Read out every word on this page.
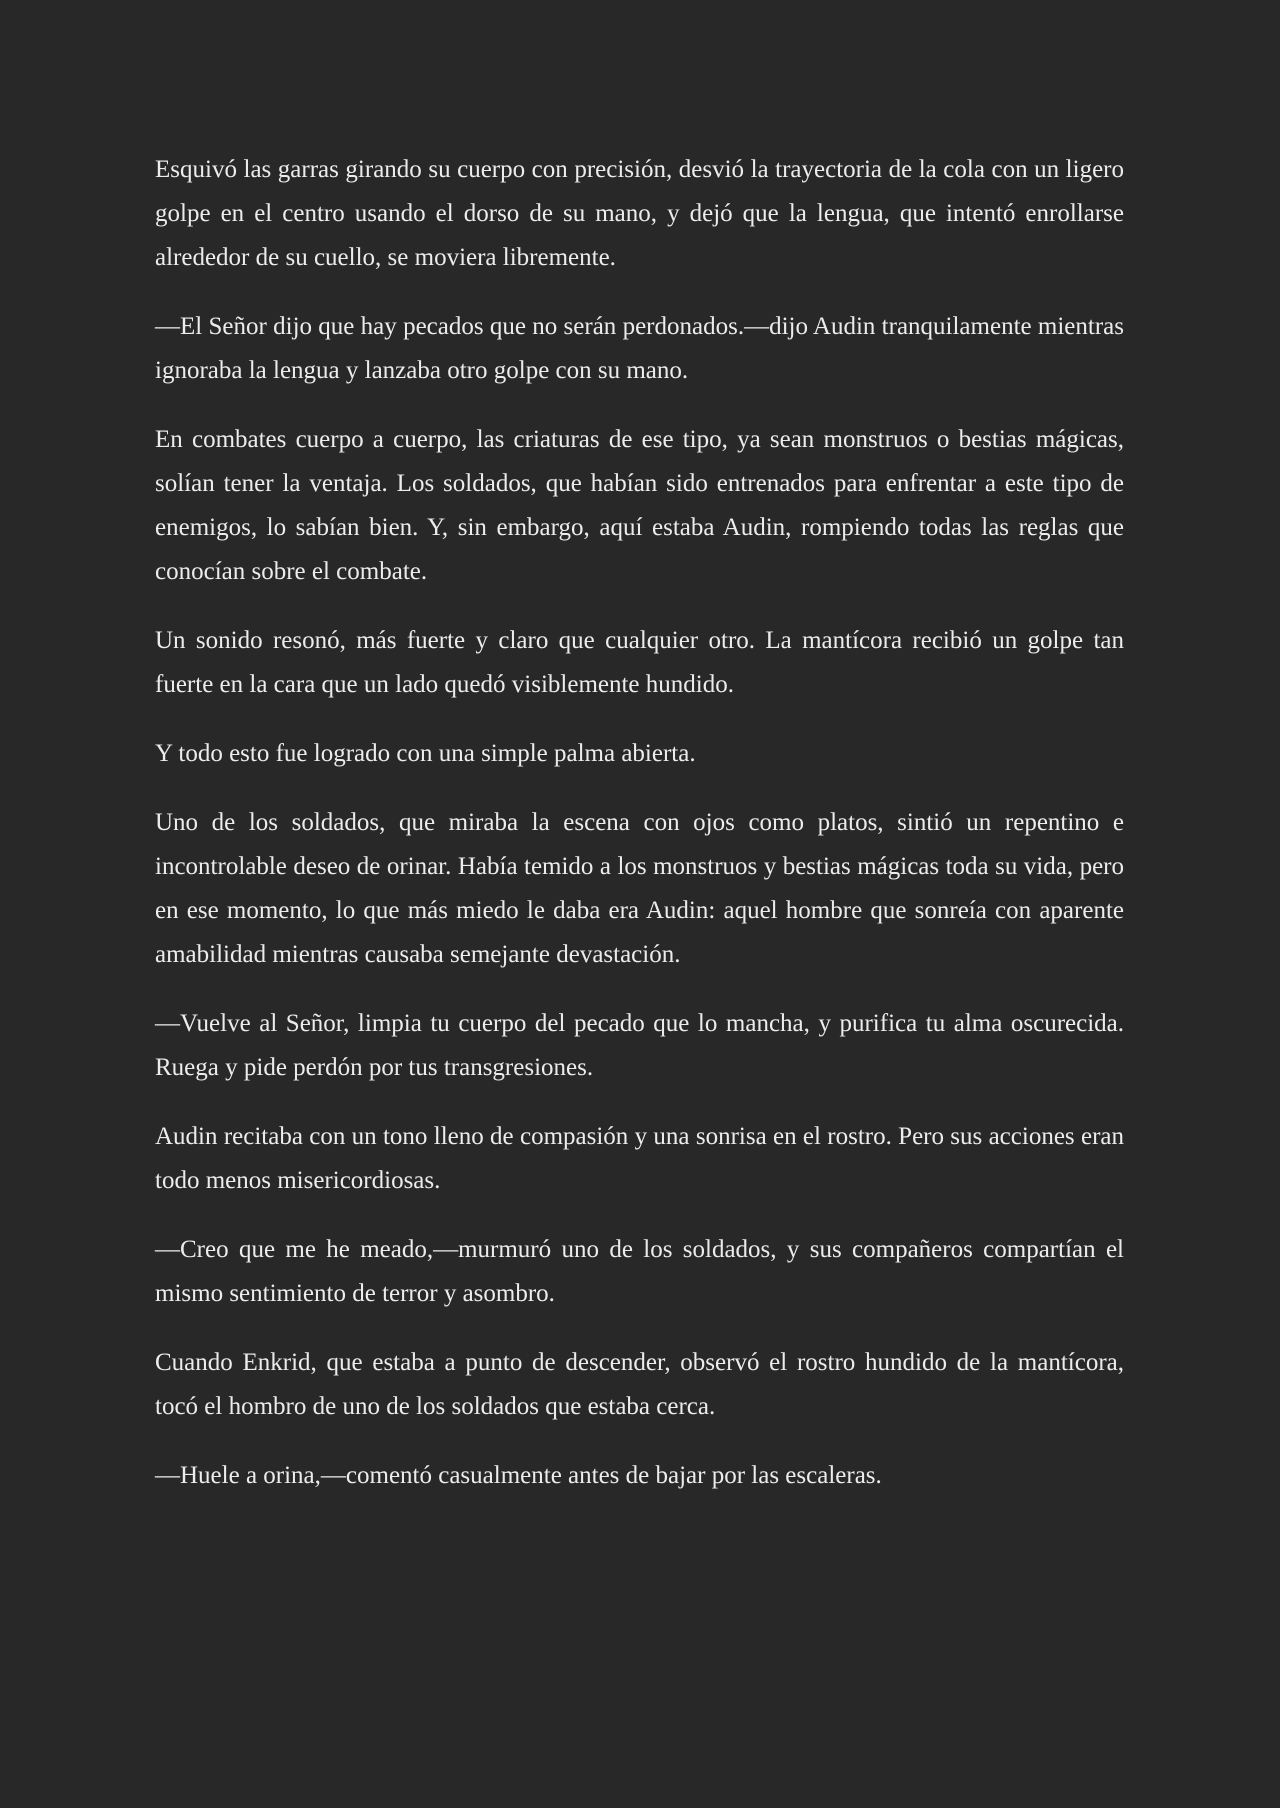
Esquivó las garras girando su cuerpo con precisión, desvió la trayectoria de la cola con un ligero golpe en el centro usando el dorso de su mano, y dejó que la lengua, que intentó enrollarse alrededor de su cuello, se moviera libremente.

—El Señor dijo que hay pecados que no serán perdonados.—dijo Audin tranquilamente mientras ignoraba la lengua y lanzaba otro golpe con su mano.

En combates cuerpo a cuerpo, las criaturas de ese tipo, ya sean monstruos o bestias mágicas, solían tener la ventaja. Los soldados, que habían sido entrenados para enfrentar a este tipo de enemigos, lo sabían bien. Y, sin embargo, aquí estaba Audin, rompiendo todas las reglas que conocían sobre el combate.

Un sonido resonó, más fuerte y claro que cualquier otro. La mantícora recibió un golpe tan fuerte en la cara que un lado quedó visiblemente hundido.

Y todo esto fue logrado con una simple palma abierta.

Uno de los soldados, que miraba la escena con ojos como platos, sintió un repentino e incontrolable deseo de orinar. Había temido a los monstruos y bestias mágicas toda su vida, pero en ese momento, lo que más miedo le daba era Audin: aquel hombre que sonreía con aparente amabilidad mientras causaba semejante devastación.

—Vuelve al Señor, limpia tu cuerpo del pecado que lo mancha, y purifica tu alma oscurecida. Ruega y pide perdón por tus transgresiones.

Audin recitaba con un tono lleno de compasión y una sonrisa en el rostro. Pero sus acciones eran todo menos misericordiosas.

—Creo que me he meado,—murmuró uno de los soldados, y sus compañeros compartían el mismo sentimiento de terror y asombro.

Cuando Enkrid, que estaba a punto de descender, observó el rostro hundido de la mantícora, tocó el hombro de uno de los soldados que estaba cerca.

—Huele a orina,—comentó casualmente antes de bajar por las escaleras.
